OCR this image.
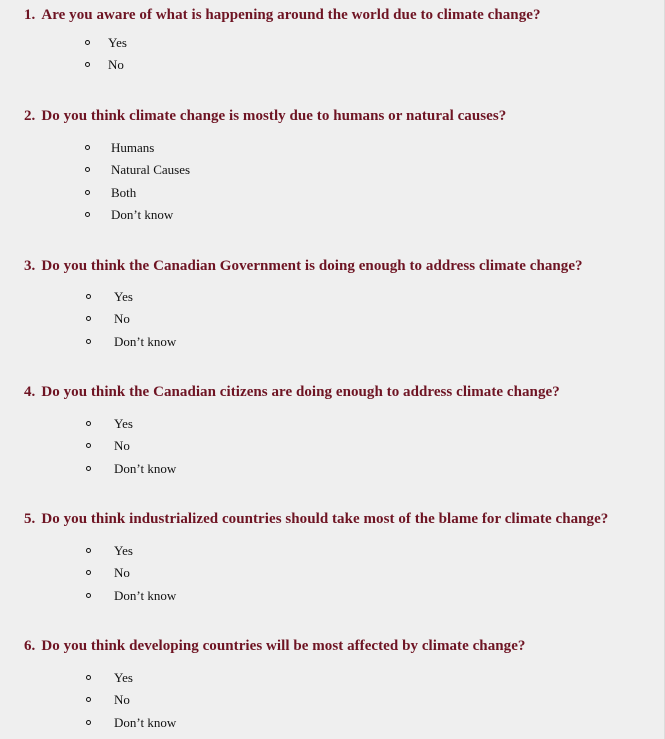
1. Are you aware of what is happening around the world due to climate change?
Yes
No
2. Do you think climate change is mostly due to humans or natural causes?
Humans
Natural Causes
Both
Don’t know
3. Do you think the Canadian Government is doing enough to address climate change?
Yes
No
Don’t know
4. Do you think the Canadian citizens are doing enough to address climate change?
Yes
No
Don’t know
5. Do you think industrialized countries should take most of the blame for climate change?
Yes
No
Don’t know
6. Do you think developing countries will be most affected by climate change?
Yes
No
Don’t know
